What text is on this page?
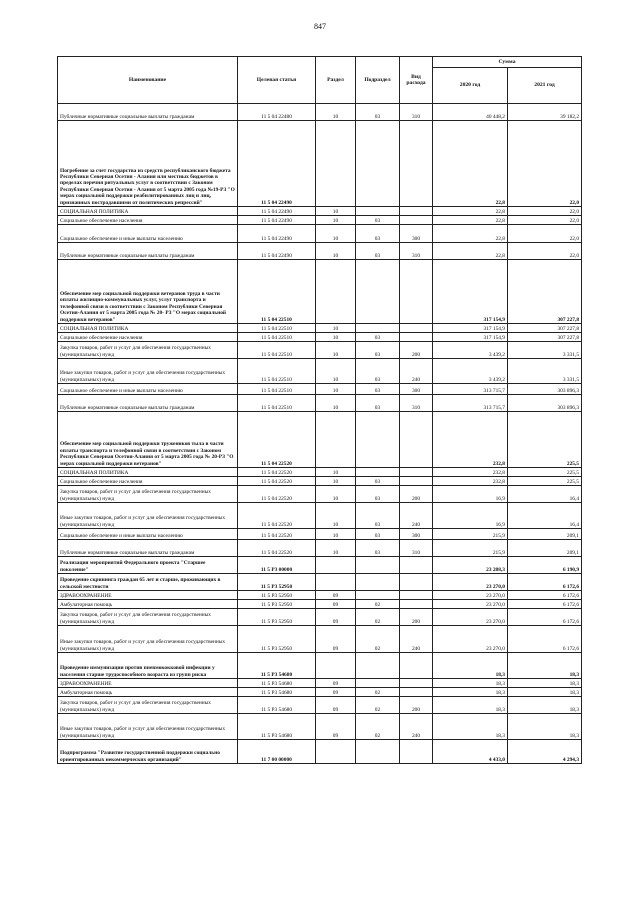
847
Наименование	Целевая статья	Раздел	Подраздел	Вид расхода	Сумма	
					2020 год	2021 год
Публичные нормативные социальные выплаты гражданам	11 5 04 22480	10	03	310	40 448,2	39 182,2
Погребение за счет государства из средств республиканского бюджета Республики Северная Осетия - Алания или местных бюджетов в пределах перечня ритуальных услуг в соответствии с Законом Республики Северная Осетия - Алания от 5 марта 2005 года №19-РЗ "О мерах социальной поддержки реабилитированных лиц и лиц, признанных пострадавшими от политических репрессий"	11 5 04 22490				22,8	22,0
СОЦИАЛЬНАЯ ПОЛИТИКА	11 5 04 22490	10			22,8	22,0
Социальное обеспечение населения	11 5 04 22490	10	03		22,8	22,0
Социальное обеспечение и иные выплаты населению	11 5 04 22490	10	03	300	22,8	22,0
Публичные нормативные социальные выплаты гражданам	11 5 04 22490	10	03	310	22,8	22,0
Обеспечение мер социальной поддержки ветеранов труда в части оплаты жилищно-коммунальных услуг, услуг транспорта и телефонной связи в соответствии с Законом Республики Северная Осетия-Алания от 5 марта 2005 года № 20- РЗ "О мерах социальной поддержки ветеранов"	11 5 04 22510				317 154,9	307 227,8
СОЦИАЛЬНАЯ ПОЛИТИКА	11 5 04 22510	10			317 154,9	307 227,8
Социальное обеспечение населения	11 5 04 22510	10	03		317 154,9	307 227,8
Закупка товаров, работ и услуг для обеспечения государственных (муниципальных) нужд	11 5 04 22510	10	03	200	3 439,2	3 331,5
Иные закупки товаров, работ и услуг для обеспечения государственных (муниципальных) нужд	11 5 04 22510	10	03	240	3 439,2	3 331,5
Социальное обеспечение и иные выплаты населению	11 5 04 22510	10	03	300	313 715,7	303 896,3
Публичные нормативные социальные выплаты гражданам	11 5 04 22510	10	03	310	313 715,7	303 896,3
Обеспечение мер социальной поддержки тружеников тыла в части оплаты транспорта и телефонной связи в соответствии с Законом Республики Северная Осетия-Алания от 5 марта 2005 года № 20-РЗ "О мерах социальной поддержки ветеранов"	11 5 04 22520				232,8	225,5
СОЦИАЛЬНАЯ ПОЛИТИКА	11 5 04 22520	10			232,8	225,5
Социальное обеспечение населения	11 5 04 22520	10	03		232,8	225,5
Закупка товаров, работ и услуг для обеспечения государственных (муниципальных) нужд	11 5 04 22520	10	03	200	16,9	16,4
Иные закупки товаров, работ и услуг для обеспечения государственных (муниципальных) нужд	11 5 04 22520	10	03	240	16,9	16,4
Социальное обеспечение и иные выплаты населению	11 5 04 22520	10	03	300	215,9	209,1
Публичные нормативные социальные выплаты гражданам	11 5 04 22520	10	03	310	215,9	209,1
Реализация мероприятий Федерального проекта "Старшее поколение"	11 5 P3 00000				23 288,3	6 190,9
Проведение скрининга граждан 65 лет и старше, проживающих в сельской местности	11 5 P3 52950				23 270,0	6 172,6
ЗДРАВООХРАНЕНИЕ	11 5 P3 52950	09			23 270,0	6 172,6
Амбулаторная помощь	11 5 P3 52950	09	02		23 270,0	6 172,6
Закупка товаров, работ и услуг для обеспечения государственных (муниципальных) нужд	11 5 P3 52950	09	02	200	23 270,0	6 172,6
Иные закупки товаров, работ и услуг для обеспечения государственных (муниципальных) нужд	11 5 P3 52950	09	02	240	23 270,0	6 172,6
Проведение иммунизации против пневмококковой инфекции у населения старше трудоспособного возраста из групп риска	11 5 P3 54680				18,3	18,3
ЗДРАВООХРАНЕНИЕ	11 5 P3 54680	09			18,3	18,3
Амбулаторная помощь	11 5 P3 54680	09	02		18,3	18,3
Закупка товаров, работ и услуг для обеспечения государственных (муниципальных) нужд	11 5 P3 54680	09	02	200	18,3	18,3
Иные закупки товаров, работ и услуг для обеспечения государственных (муниципальных) нужд	11 5 P3 54680	09	02	240	18,3	18,3
Подпрограмма "Развитие государственной поддержки социально ориентированных некоммерческих организаций"	11 7 00 00000				4 433,0	4 294,3
